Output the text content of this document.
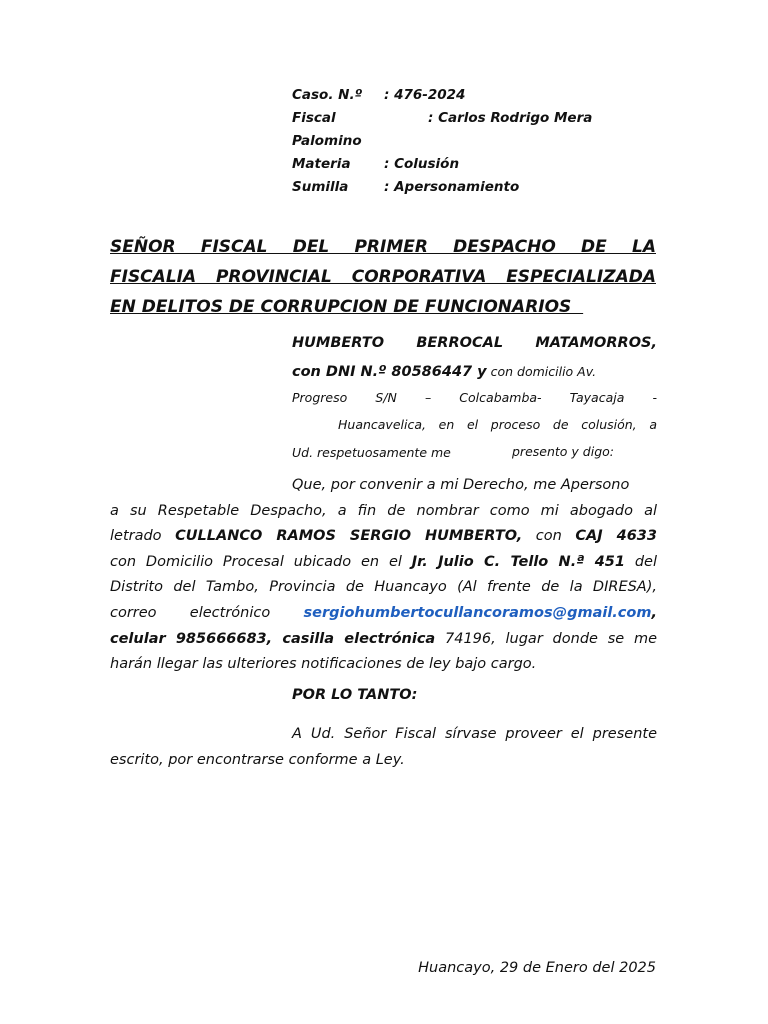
Caso. N.º : 476-2024
Fiscal	: Carlos Rodrigo Mera
Palomino
Materia : Colusión
Sumilla	: Apersonamiento
SEÑOR FISCAL DEL PRIMER DESPACHO DE LA
FISCALIA PROVINCIAL CORPORATIVA ESPECIALIZADA
EN DELITOS DE CORRUPCION DE FUNCIONARIOS
HUMBERTO BERROCAL MATAMORROS,
con DNI N.º 80586447 y con domicilio Av.
Progreso S/N – Colcabamba- Tayacaja -
Huancavelica, en el proceso de colusión, a
Ud. respetuosamente me	presento y digo:
Que, por convenir a mi Derecho, me Apersono
a su Respetable Despacho, a fin de nombrar como mi abogado al
letrado CULLANCO RAMOS SERGIO HUMBERTO, con CAJ 4633
con Domicilio Procesal ubicado en el Jr. Julio C. Tello N.ª 451 del
Distrito del Tambo, Provincia de Huancayo (Al frente de la DIRESA),
correo electrónico sergiohumbertocullancoramos@gmail.com,
celular 985666683, casilla electrónica 74196, lugar donde se me
harán llegar las ulteriores notificaciones de ley bajo cargo.
POR LO TANTO:
A Ud. Señor Fiscal sírvase proveer el presente
escrito, por encontrarse conforme a Ley.
Huancayo, 29 de Enero del 2025
